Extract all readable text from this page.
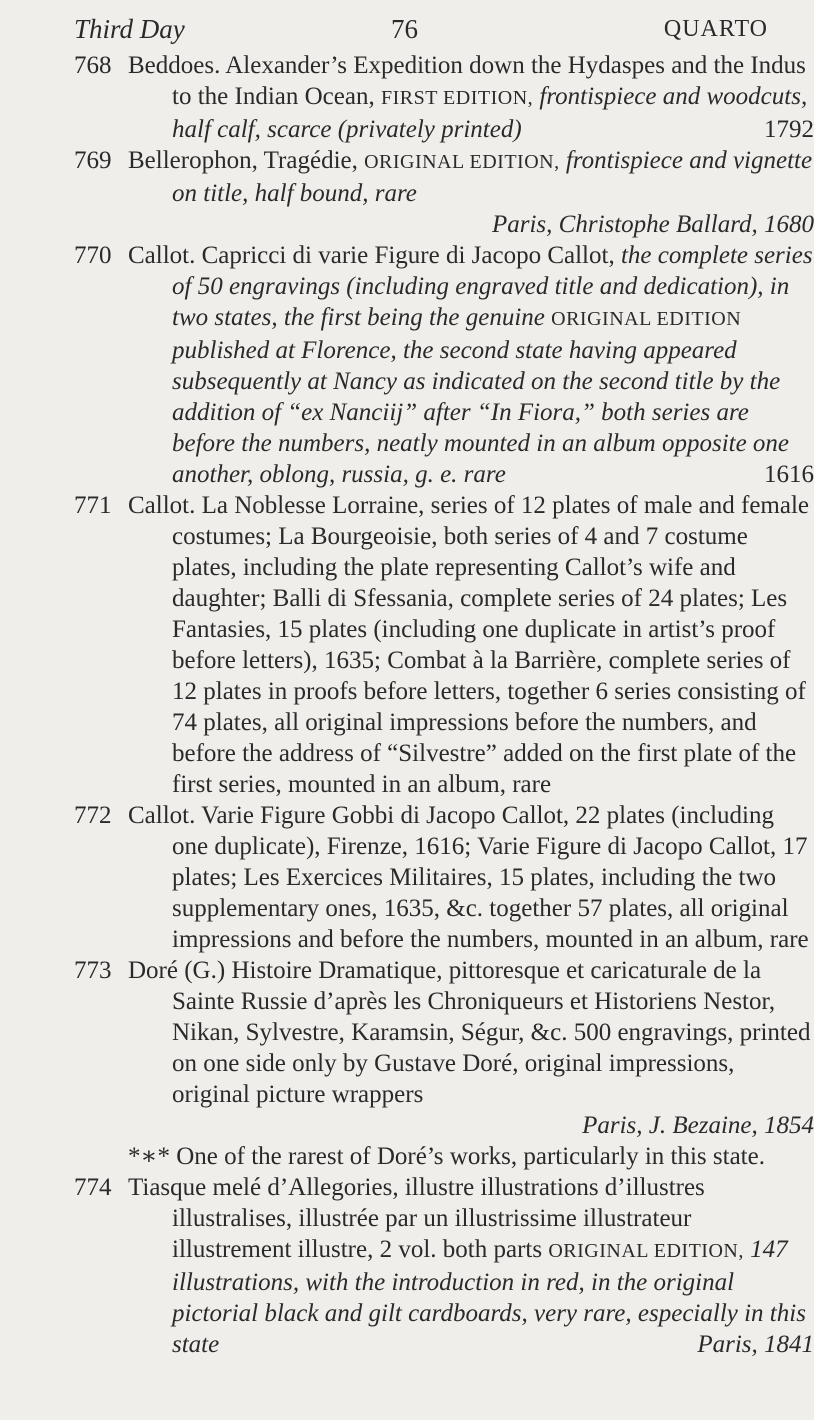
Third Day	76	QUARTO
768 Beddoes. Alexander’s Expedition down the Hydaspes and the Indus to the Indian Ocean, FIRST EDITION, frontispiece and woodcuts, half calf, scarce (privately printed)	1792
769 Bellerophon, Tragédie, ORIGINAL EDITION, frontispiece and vignette on title, half bound, rare
Paris, Christophe Ballard, 1680
770 Callot. Capricci di varie Figure di Jacopo Callot, the complete series of 50 engravings (including engraved title and dedication), in two states, the first being the genuine ORIGINAL EDITION published at Florence, the second state having appeared subsequently at Nancy as indicated on the second title by the addition of “ex Nanciij” after “In Fiora,” both series are before the numbers, neatly mounted in an album opposite one another, oblong, russia, g. e. rare	1616
771 Callot. La Noblesse Lorraine, series of 12 plates of male and female costumes; La Bourgeoisie, both series of 4 and 7 costume plates, including the plate representing Callot’s wife and daughter; Balli di Sfessania, complete series of 24 plates; Les Fantasies, 15 plates (including one duplicate in artist’s proof before letters), 1635; Combat à la Barrière, complete series of 12 plates in proofs before letters, together 6 series consisting of 74 plates, all original impressions before the numbers, and before the address of “Silvestre” added on the first plate of the first series, mounted in an album, rare
772 Callot. Varie Figure Gobbi di Jacopo Callot, 22 plates (including one duplicate), Firenze, 1616; Varie Figure di Jacopo Callot, 17 plates; Les Exercices Militaires, 15 plates, including the two supplementary ones, 1635, &c. together 57 plates, all original impressions and before the numbers, mounted in an album, rare
773 Doré (G.) Histoire Dramatique, pittoresque et caricaturale de la Sainte Russie d’après les Chroniqueurs et Historiens Nestor, Nikan, Sylvestre, Karamsin, Ségur, &c. 500 engravings, printed on one side only by Gustave Doré, original impressions, original picture wrappers
Paris, J. Bezaine, 1854
*∗* One of the rarest of Doré’s works, particularly in this state.
774 Tiasque melé d’Allegories, illustre illustrations d’illustres illustralises, illustrée par un illustrissime illustrateur illustrement illustre, 2 vol. both parts ORIGINAL EDITION, 147 illustrations, with the introduction in red, in the original pictorial black and gilt cardboards, very rare, especially in this state	Paris, 1841
